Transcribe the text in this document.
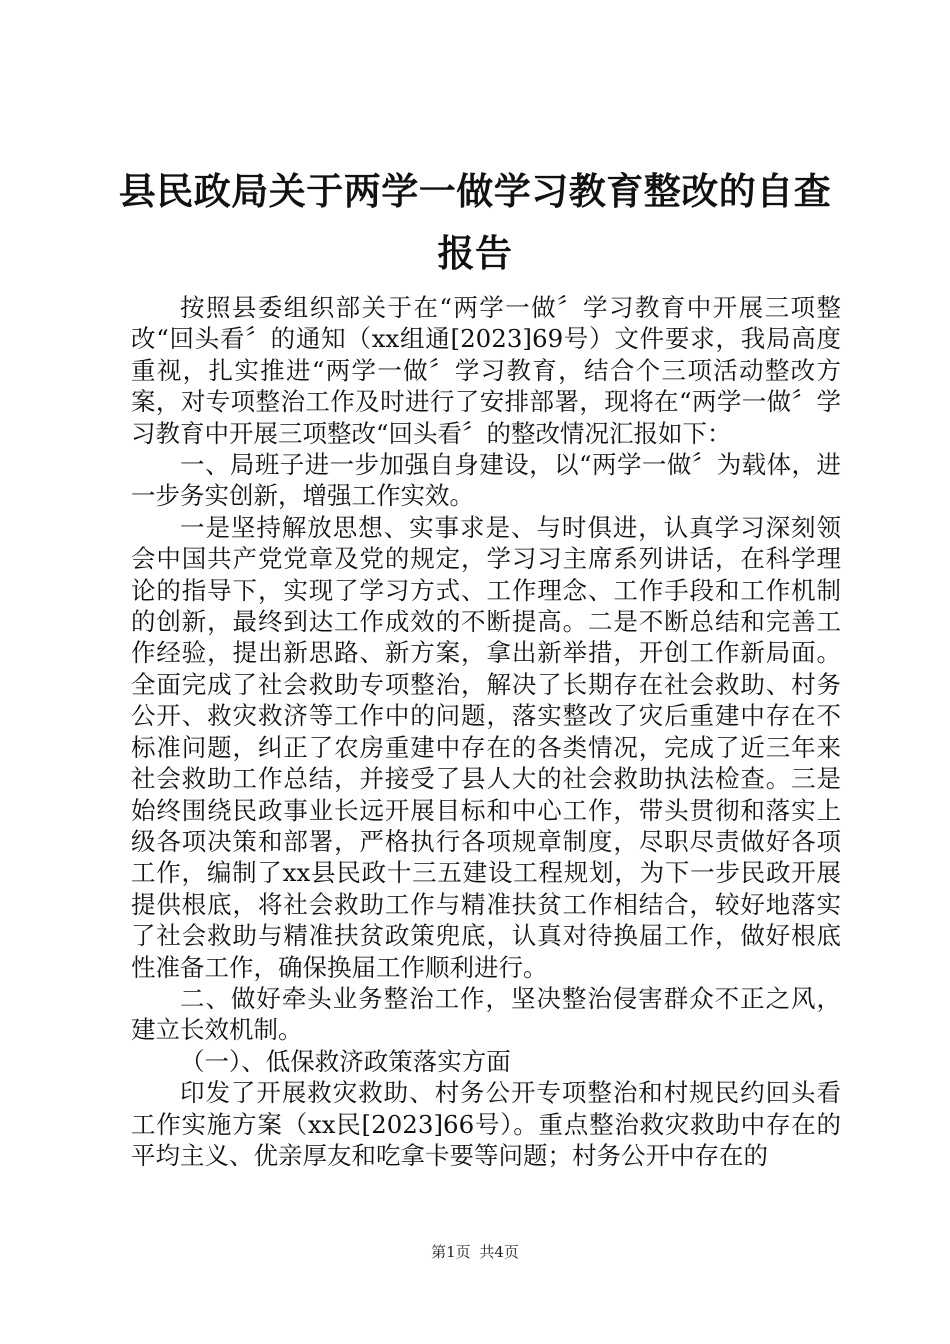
县民政局关于两学一做学习教育整改的自查报告

按照县委组织部关于在“两学一做〞学习教育中开展三项整改“回头看〞的通知（xx组通[2023]69号）文件要求，我局高度重视，扎实推进“两学一做〞学习教育，结合个三项活动整改方案，对专项整治工作及时进行了安排部署，现将在“两学一做〞学习教育中开展三项整改“回头看〞的整改情况汇报如下：

一、局班子进一步加强自身建设，以“两学一做〞为载体，进一步务实创新，增强工作实效。

一是坚持解放思想、实事求是、与时俱进，认真学习深刻领会中国共产党党章及党的规定，学习习主席系列讲话，在科学理论的指导下，实现了学习方式、工作理念、工作手段和工作机制的创新，最终到达工作成效的不断提高。二是不断总结和完善工作经验，提出新思路、新方案，拿出新举措，开创工作新局面。全面完成了社会救助专项整治，解决了长期存在社会救助、村务公开、救灾救济等工作中的问题，落实整改了灾后重建中存在不标准问题，纠正了农房重建中存在的各类情况，完成了近三年来社会救助工作总结，并接受了县人大的社会救助执法检查。三是始终围绕民政事业长远开展目标和中心工作，带头贯彻和落实上级各项决策和部署，严格执行各项规章制度，尽职尽责做好各项工作，编制了xx县民政十三五建设工程规划，为下一步民政开展提供根底，将社会救助工作与精准扶贫工作相结合，较好地落实了社会救助与精准扶贫政策兜底，认真对待换届工作，做好根底性准备工作，确保换届工作顺利进行。

二、做好牵头业务整治工作，坚决整治侵害群众不正之风，建立长效机制。

（一）、低保救济政策落实方面

印发了开展救灾救助、村务公开专项整治和村规民约回头看工作实施方案（xx民[2023]66号）。重点整治救灾救助中存在的平均主义、优亲厚友和吃拿卡要等问题；村务公开中存在的

第1页 共4页
